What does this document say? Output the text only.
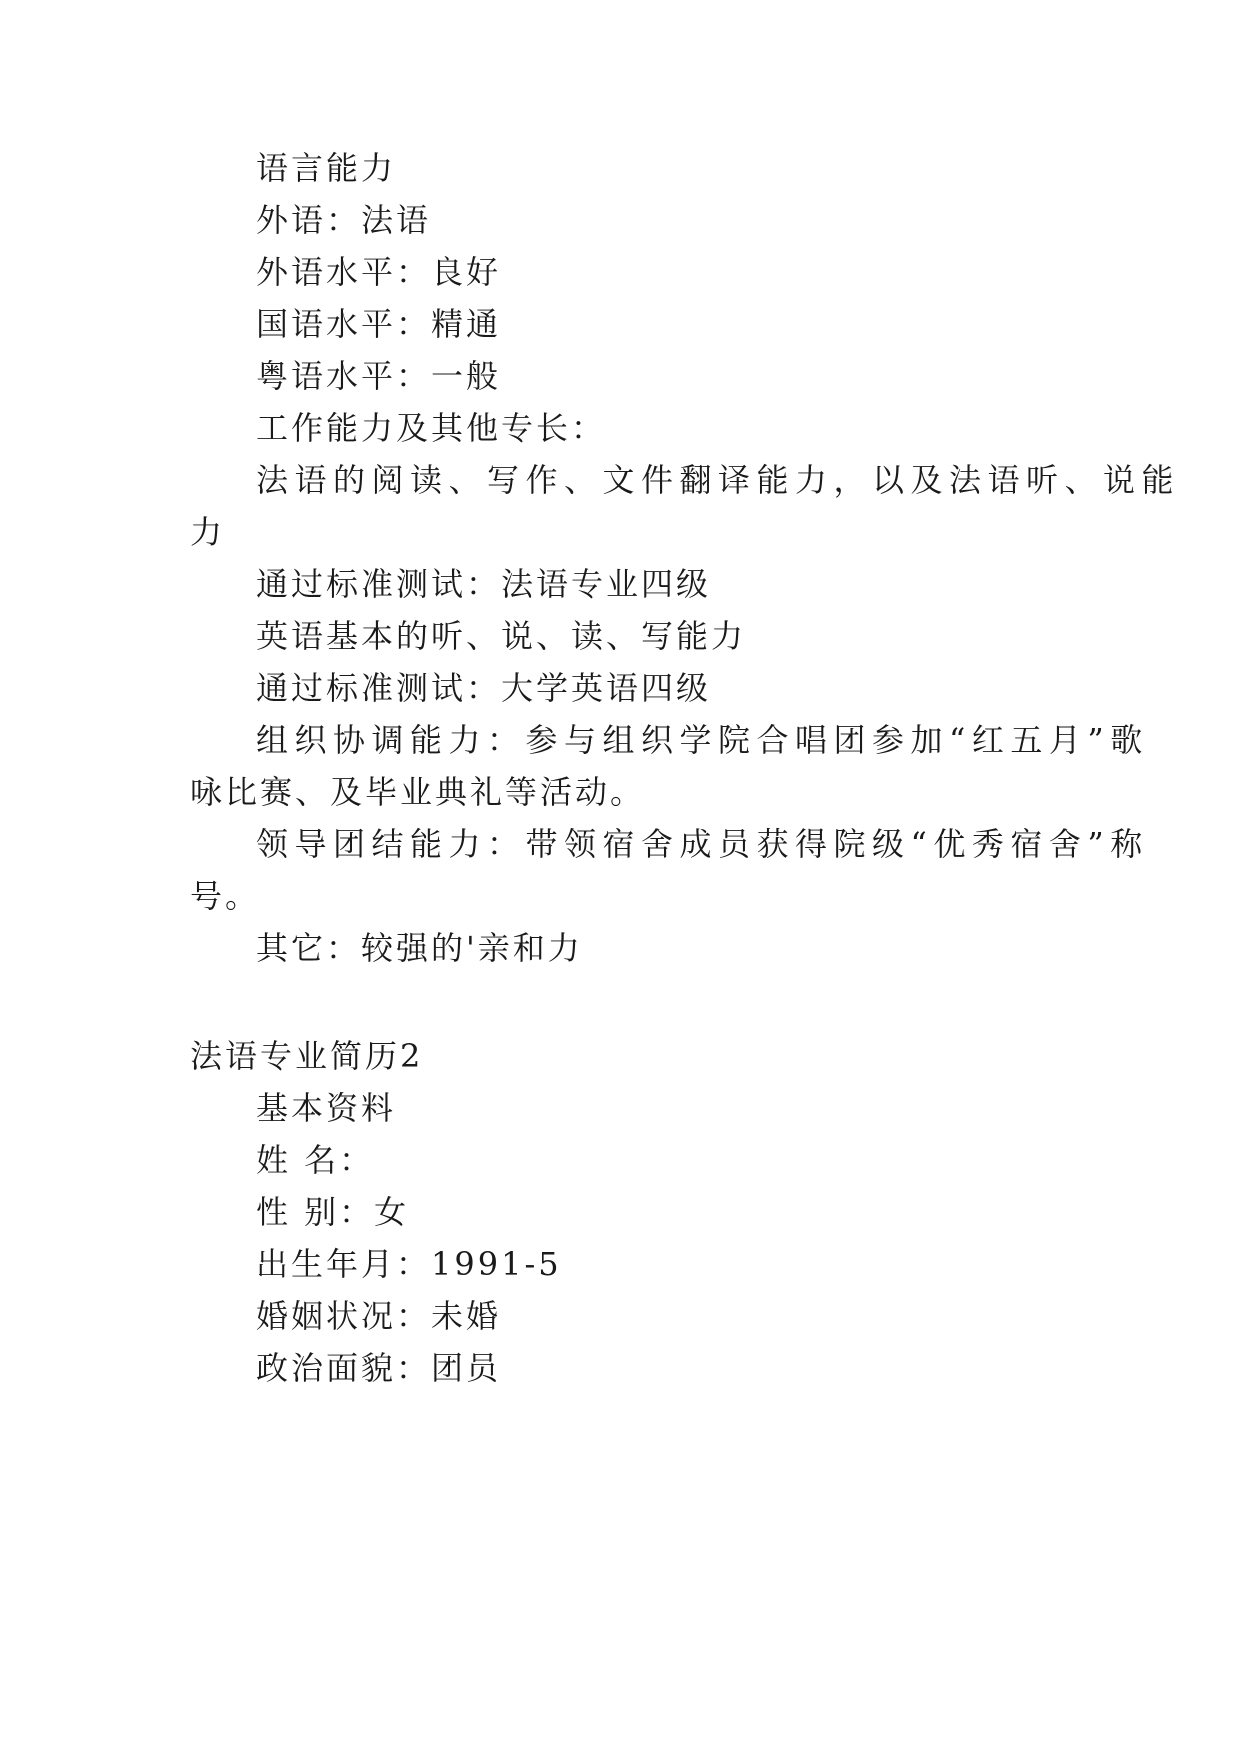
语言能力
外语：法语
外语水平：良好
国语水平：精通
粤语水平：一般
工作能力及其他专长：
法语的阅读、写作、文件翻译能力，以及法语听、说能
力
通过标准测试：法语专业四级
英语基本的听、说、读、写能力
通过标准测试：大学英语四级
组织协调能力：参与组织学院合唱团参加“红五月”歌
咏比赛、及毕业典礼等活动。
领导团结能力：带领宿舍成员获得院级“优秀宿舍”称
号。
其它：较强的'亲和力
法语专业简历2
基本资料
姓 名：
性 别：女
出生年月：1991-5
婚姻状况：未婚
政治面貌：团员
